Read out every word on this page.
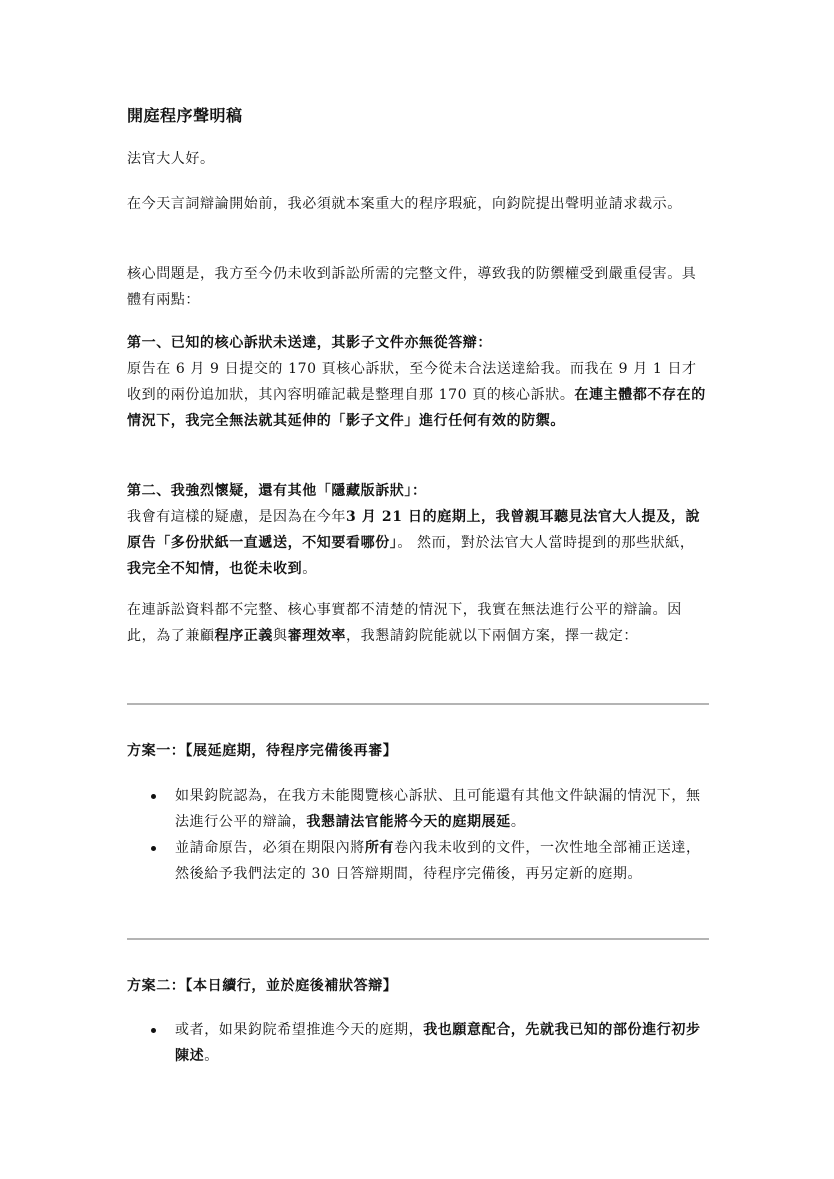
開庭程序聲明稿

法官大人好。

在今天言詞辯論開始前，我必須就本案重大的程序瑕疵，向鈞院提出聲明並請求裁示。

核心問題是，我方至今仍未收到訴訟所需的完整文件，導致我的防禦權受到嚴重侵害。具體有兩點：

第一、已知的核心訴狀未送達，其影子文件亦無從答辯：
原告在 6 月 9 日提交的 170 頁核心訴狀，至今從未合法送達給我。而我在 9 月 1 日才收到的兩份追加狀，其內容明確記載是整理自那 170 頁的核心訴狀。在連主體都不存在的情況下，我完全無法就其延伸的「影子文件」進行任何有效的防禦。

第二、我強烈懷疑，還有其他「隱藏版訴狀」：
我會有這樣的疑慮，是因為在今年3 月 21 日的庭期上，我曾親耳聽見法官大人提及，說原告「多份狀紙一直遞送，不知要看哪份」。 然而，對於法官大人當時提到的那些狀紙，我完全不知情，也從未收到。

在連訴訟資料都不完整、核心事實都不清楚的情況下，我實在無法進行公平的辯論。因此，為了兼顧程序正義與審理效率，我懇請鈞院能就以下兩個方案，擇一裁定：

方案一：【展延庭期，待程序完備後再審】
如果鈞院認為，在我方未能閱覽核心訴狀、且可能還有其他文件缺漏的情況下，無法進行公平的辯論，我懇請法官能將今天的庭期展延。
並請命原告，必須在期限內將所有卷內我未收到的文件，一次性地全部補正送達，然後給予我們法定的 30 日答辯期間，待程序完備後，再另定新的庭期。
方案二：【本日續行，並於庭後補狀答辯】
或者，如果鈞院希望推進今天的庭期，我也願意配合，先就我已知的部份進行初步陳述。
